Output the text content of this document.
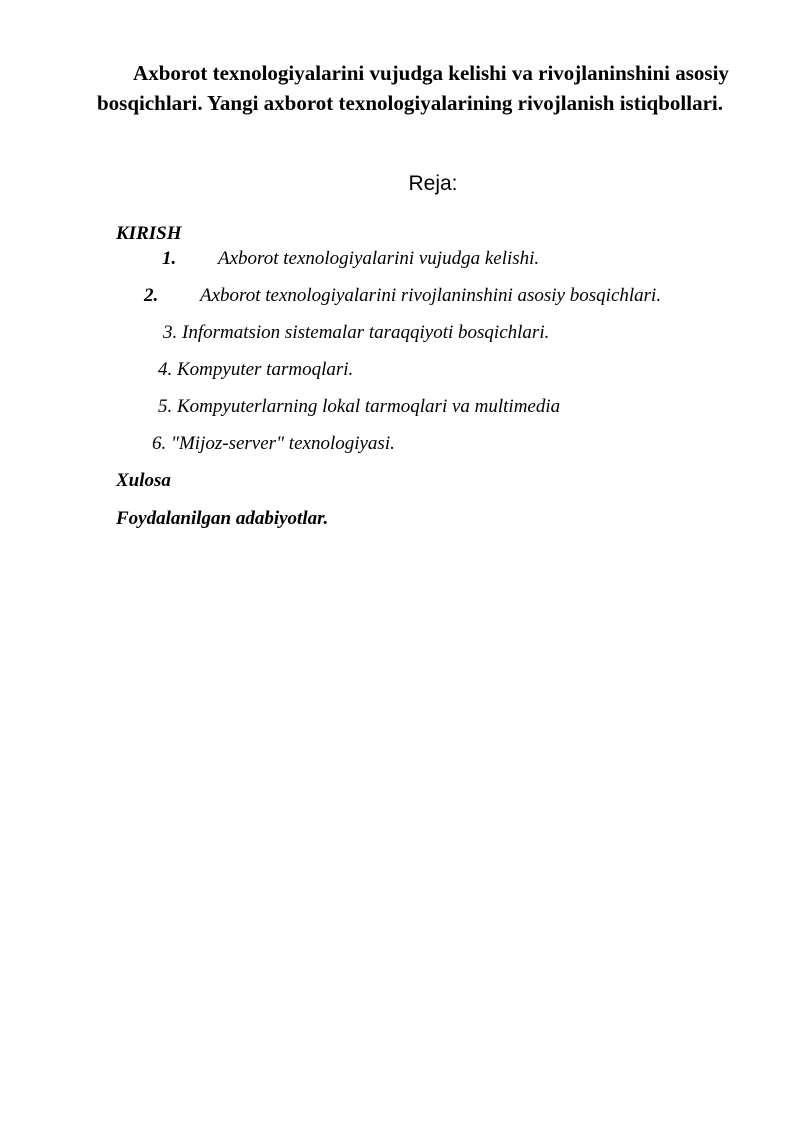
Axborot texnologiyalarini vujudga kelishi va rivojlaninshini asosiy bosqichlari. Yangi axborot texnologiyalarining rivojlanish istiqbollari.
Reja:
KIRISH
1. Axborot texnologiyalarini vujudga kelishi.
2. Axborot texnologiyalarini rivojlaninshini asosiy bosqichlari.
3. Informatsion sistemalar taraqqiyoti bosqichlari.
4. Kompyuter tarmoqlari.
5. Kompyuterlarning lokal tarmoqlari va multimedia
6. "Mijoz-server" texnologiyasi.
Xulosa
Foydalanilgan adabiyotlar.
